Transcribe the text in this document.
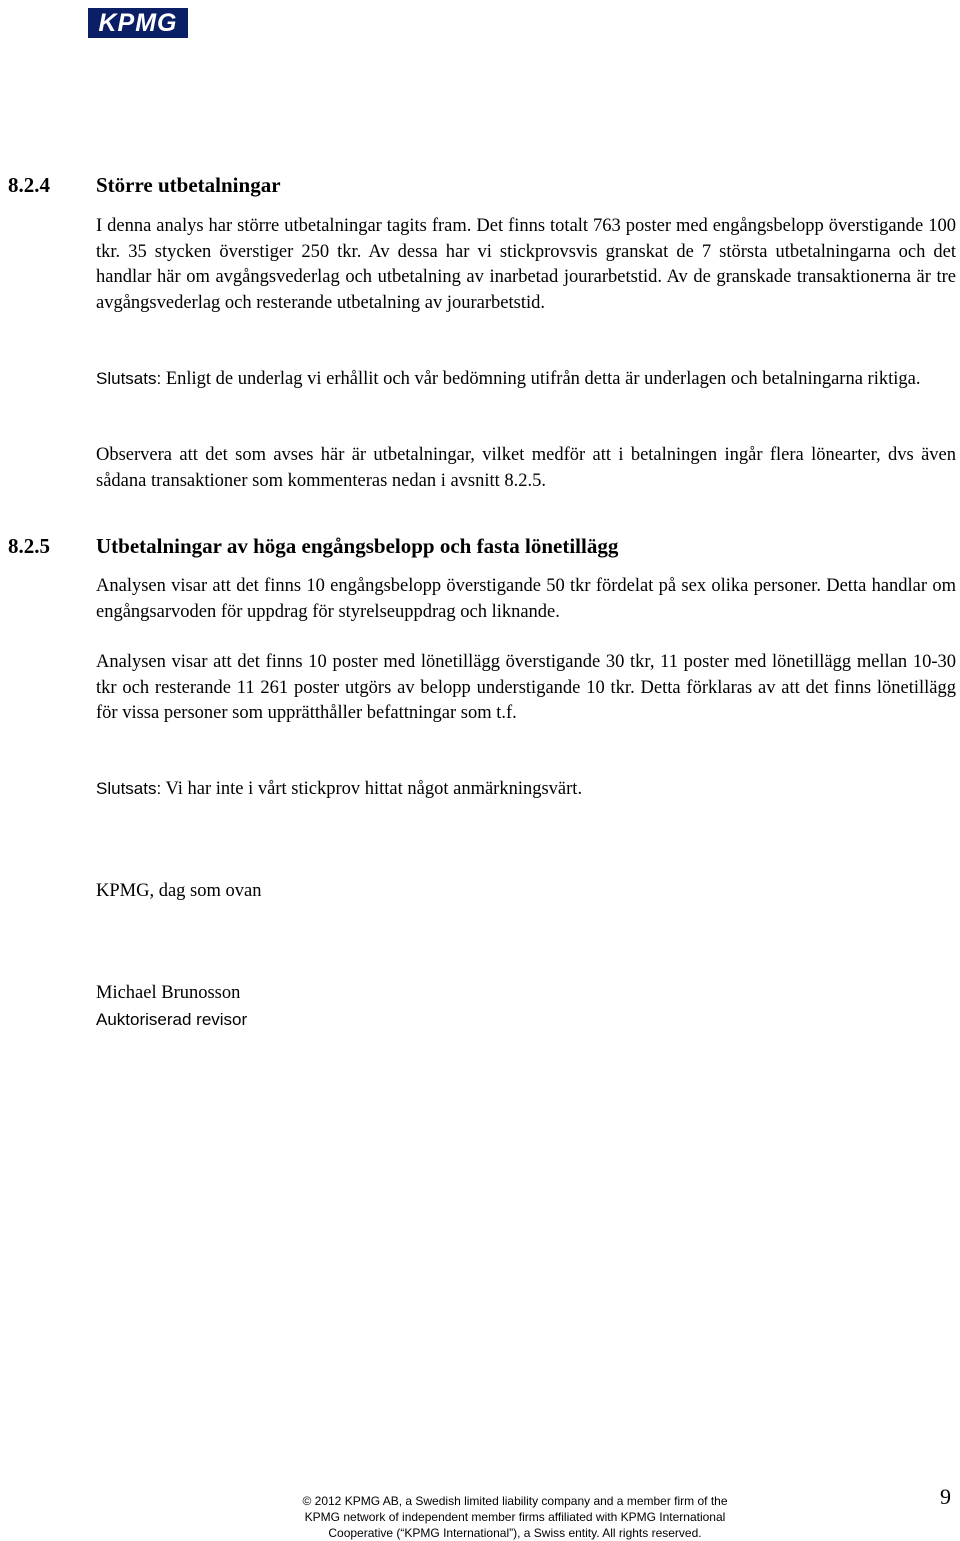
KPMG
8.2.4 Större utbetalningar
I denna analys har större utbetalningar tagits fram. Det finns totalt 763 poster med engångsbelopp överstigande 100 tkr. 35 stycken överstiger 250 tkr. Av dessa har vi stickprovsvis granskat de 7 största utbetalningarna och det handlar här om avgångsvederlag och utbetalning av inarbetad jourarbetstid. Av de granskade transaktionerna är tre avgångsvederlag och resterande utbetalning av jourarbetstid.
Slutsats: Enligt de underlag vi erhållit och vår bedömning utifrån detta är underlagen och betalningarna riktiga.
Observera att det som avses här är utbetalningar, vilket medför att i betalningen ingår flera lönearter, dvs även sådana transaktioner som kommenteras nedan i avsnitt 8.2.5.
8.2.5 Utbetalningar av höga engångsbelopp och fasta lönetillägg
Analysen visar att det finns 10 engångsbelopp överstigande 50 tkr fördelat på sex olika personer. Detta handlar om engångsarvoden för uppdrag för styrelseuppdrag och liknande.
Analysen visar att det finns 10 poster med lönetillägg överstigande 30 tkr, 11 poster med lönetillägg mellan 10-30 tkr och resterande 11 261 poster utgörs av belopp understigande 10 tkr. Detta förklaras av att det finns lönetillägg för vissa personer som upprätthåller befattningar som t.f.
Slutsats: Vi har inte i vårt stickprov hittat något anmärkningsvärt.
KPMG, dag som ovan
Michael Brunosson
Auktoriserad revisor
9
© 2012 KPMG AB, a Swedish limited liability company and a member firm of the
KPMG network of independent member firms affiliated with KPMG International
Cooperative (“KPMG International”), a Swiss entity. All rights reserved.
